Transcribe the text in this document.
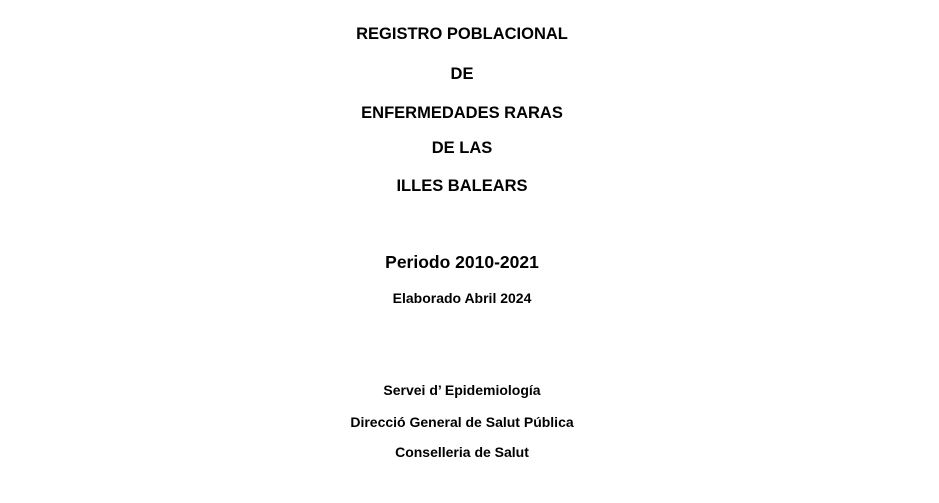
REGISTRO POBLACIONAL
DE
ENFERMEDADES RARAS
DE LAS
ILLES BALEARS
Periodo 2010-2021
Elaborado Abril 2024
Servei d’ Epidemiología
Direcció General de Salut Pública
Conselleria de Salut
